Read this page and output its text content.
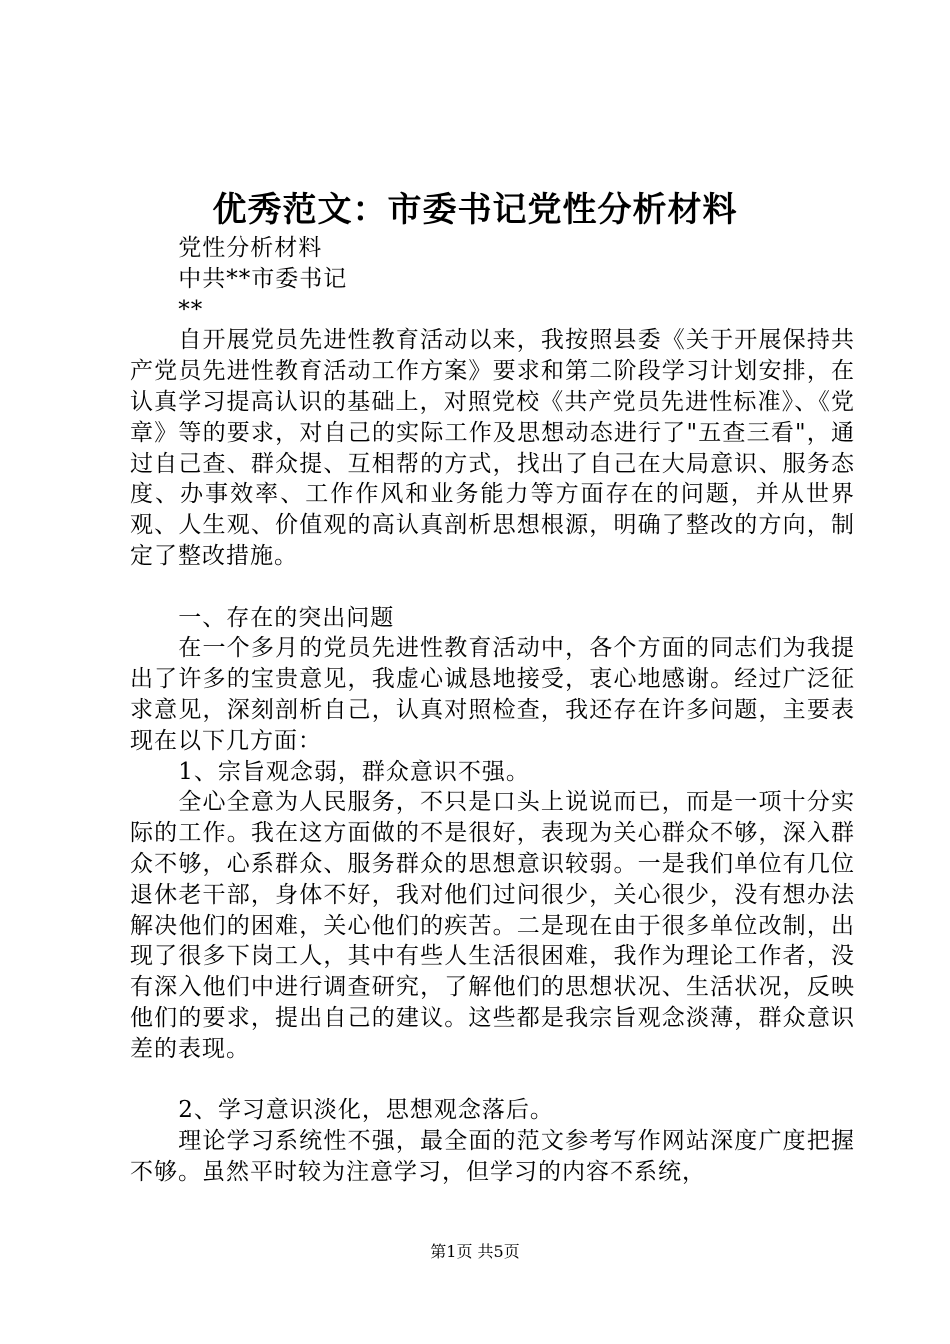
优秀范文：市委书记党性分析材料

党性分析材料

中共**市委书记

**

自开展党员先进性教育活动以来，我按照县委《关于开展保持共产党员先进性教育活动工作方案》要求和第二阶段学习计划安排，在认真学习提高认识的基础上，对照党校《共产党员先进性标准》、《党章》等的要求，对自己的实际工作及思想动态进行了"五查三看"，通过自己查、群众提、互相帮的方式，找出了自己在大局意识、服务态度、办事效率、工作作风和业务能力等方面存在的问题，并从世界观、人生观、价值观的高认真剖析思想根源，明确了整改的方向，制定了整改措施。

一、存在的突出问题

在一个多月的党员先进性教育活动中，各个方面的同志们为我提出了许多的宝贵意见，我虚心诚恳地接受，衷心地感谢。经过广泛征求意见，深刻剖析自己，认真对照检查，我还存在许多问题，主要表现在以下几方面：

1、宗旨观念弱，群众意识不强。

全心全意为人民服务，不只是口头上说说而已，而是一项十分实际的工作。我在这方面做的不是很好，表现为关心群众不够，深入群众不够，心系群众、服务群众的思想意识较弱。一是我们单位有几位退休老干部，身体不好，我对他们过问很少，关心很少，没有想办法解决他们的困难，关心他们的疾苦。二是现在由于很多单位改制，出现了很多下岗工人，其中有些人生活很困难，我作为理论工作者，没有深入他们中进行调查研究，了解他们的思想状况、生活状况，反映他们的要求，提出自己的建议。这些都是我宗旨观念淡薄，群众意识差的表现。

2、学习意识淡化，思想观念落后。

理论学习系统性不强，最全面的范文参考写作网站深度广度把握不够。虽然平时较为注意学习，但学习的内容不系统，

第1页 共5页
